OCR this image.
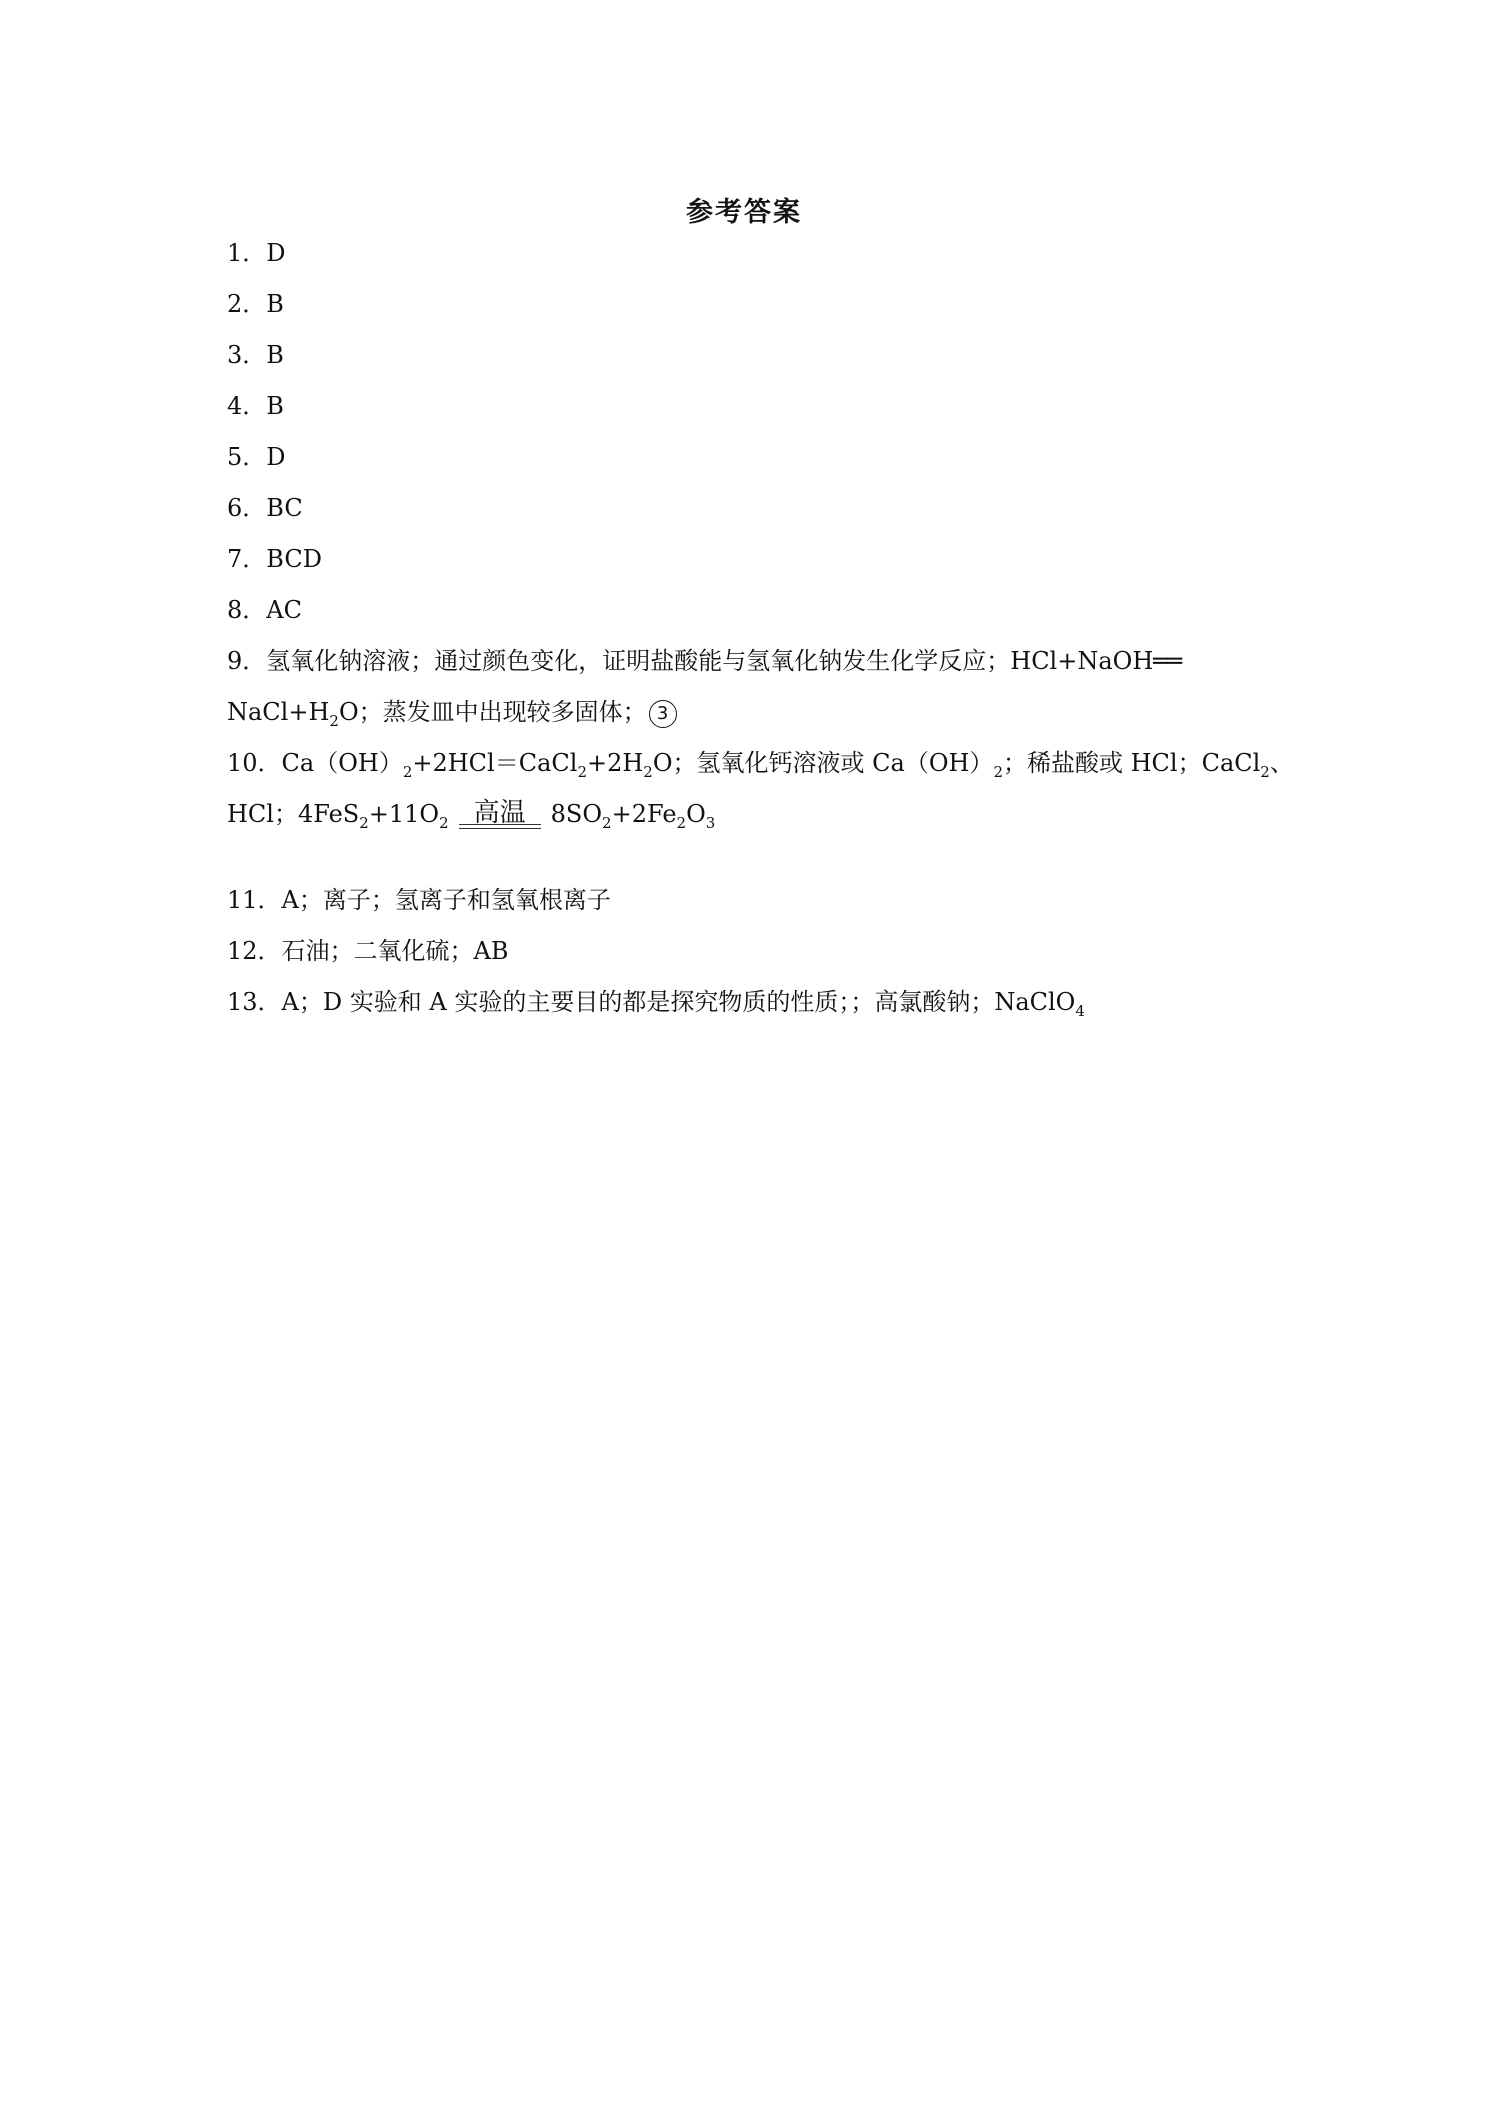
参考答案
1．D
2．B
3．B
4．B
5．D
6．BC
7．BCD
8．AC
9．氢氧化钠溶液；通过颜色变化，证明盐酸能与氢氧化钠发生化学反应；HCl+NaOH══
$NaCl+H_2O$；蒸发皿中出现较多固体； 3
10．$Ca(OH)_2+2HCl=CaCl_2+2H_2O$；氢氧化钙溶液或 $Ca(OH)_2$；稀盐酸或 HCl；CaCl$_2$、
HCl；$4FeS_2+11O_2$ 高温	$8SO_2+2Fe_2O_3$
11．A；离子；氢离子和氢氧根离子
12．石油；二氧化硫；AB
13．A；D 实验和 A 实验的主要目的都是探究物质的性质；；高氯酸钠；NaClO$_4$
